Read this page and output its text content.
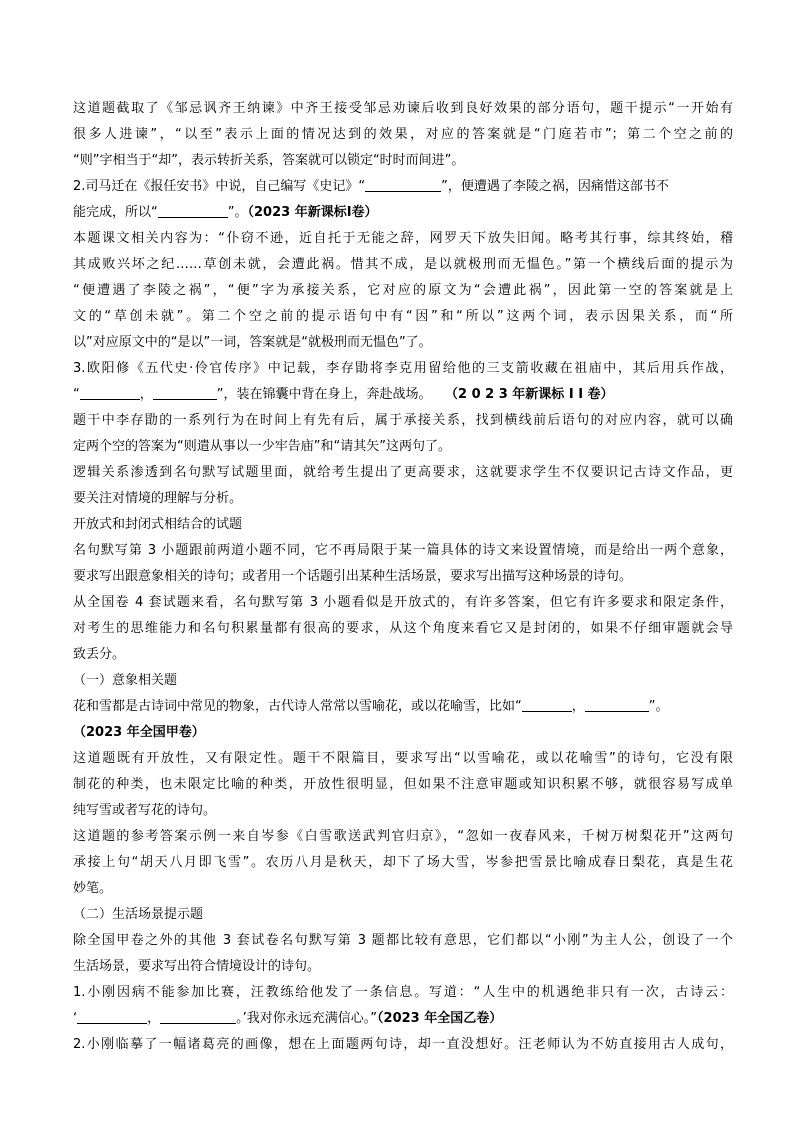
这道题截取了《邹忌讽齐王纳谏》中齐王接受邹忌劝谏后收到良好效果的部分语句，题干提示“一开始有

很多人进谏”，“以至”表示上面的情况达到的效果，对应的答案就是“门庭若市”；第二个空之前的

“则”字相当于“却”，表示转折关系，答案就可以锁定“时时而间进”。

2.司马迁在《报任安书》中说，自己编写《史记》“	”，便遭遇了李陵之祸，因痛惜这部书不

能完成，所以“	”。（2023 年新课标Ⅰ卷）

本题课文相关内容为：“仆窃不逊，近自托于无能之辞，网罗天下放失旧闻。略考其行事，综其终始，稽

其成败兴坏之纪……草创未就，会遭此祸。惜其不成，是以就极刑而无愠色。”第一个横线后面的提示为

“便遭遇了李陵之祸”，“便”字为承接关系，它对应的原文为“会遭此祸”，因此第一空的答案就是上

文的“草创未就”。第二个空之前的提示语句中有“因”和“所以”这两个词，表示因果关系，而“所

以”对应原文中的“是以”一词，答案就是“就极刑而无愠色”了。

3.欧阳修《五代史·伶官传序》中记载，李存勖将李克用留给他的三支箭收藏在祖庙中，其后用兵作战，

“	，	”，装在锦囊中背在身上，奔赴战场。 （2 0 2 3 年新课标 I I 卷）

题干中李存勖的一系列行为在时间上有先有后，属于承接关系，找到横线前后语句的对应内容，就可以确

定两个空的答案为“则遣从事以一少牢告庙”和“请其矢”这两句了。

逻辑关系渗透到名句默写试题里面，就给考生提出了更高要求，这就要求学生不仅要识记古诗文作品，更

要关注对情境的理解与分析。

开放式和封闭式相结合的试题

名句默写第 3 小题跟前两道小题不同，它不再局限于某一篇具体的诗文来设置情境，而是给出一两个意象，

要求写出跟意象相关的诗句；或者用一个话题引出某种生活场景，要求写出描写这种场景的诗句。

从全国卷 4 套试题来看，名句默写第 3 小题看似是开放式的，有许多答案，但它有许多要求和限定条件，

对考生的思维能力和名句积累量都有很高的要求，从这个角度来看它又是封闭的，如果不仔细审题就会导

致丢分。

（一）意象相关题

花和雪都是古诗词中常见的物象，古代诗人常常以雪喻花，或以花喻雪，比如“	，	”。

（2023 年全国甲卷）

这道题既有开放性，又有限定性。题干不限篇目，要求写出“以雪喻花，或以花喻雪”的诗句，它没有限

制花的种类，也未限定比喻的种类，开放性很明显，但如果不注意审题或知识积累不够，就很容易写成单

纯写雪或者写花的诗句。

这道题的参考答案示例一来自岑参《白雪歌送武判官归京》，“忽如一夜春风来，千树万树梨花开”这两句

承接上句“胡天八月即飞雪”。农历八月是秋天，却下了场大雪，岑参把雪景比喻成春日梨花，真是生花

妙笔。

（二）生活场景提示题

除全国甲卷之外的其他 3 套试卷名句默写第 3 题都比较有意思，它们都以“小刚”为主人公，创设了一个

生活场景，要求写出符合情境设计的诗句。

1.小刚因病不能参加比赛，汪教练给他发了一条信息。写道：“人生中的机遇绝非只有一次，古诗云：

‘	，	。’我对你永远充满信心。”（2023 年全国乙卷）

2.小刚临摹了一幅诸葛亮的画像，想在上面题两句诗，却一直没想好。汪老师认为不妨直接用古人成句，
